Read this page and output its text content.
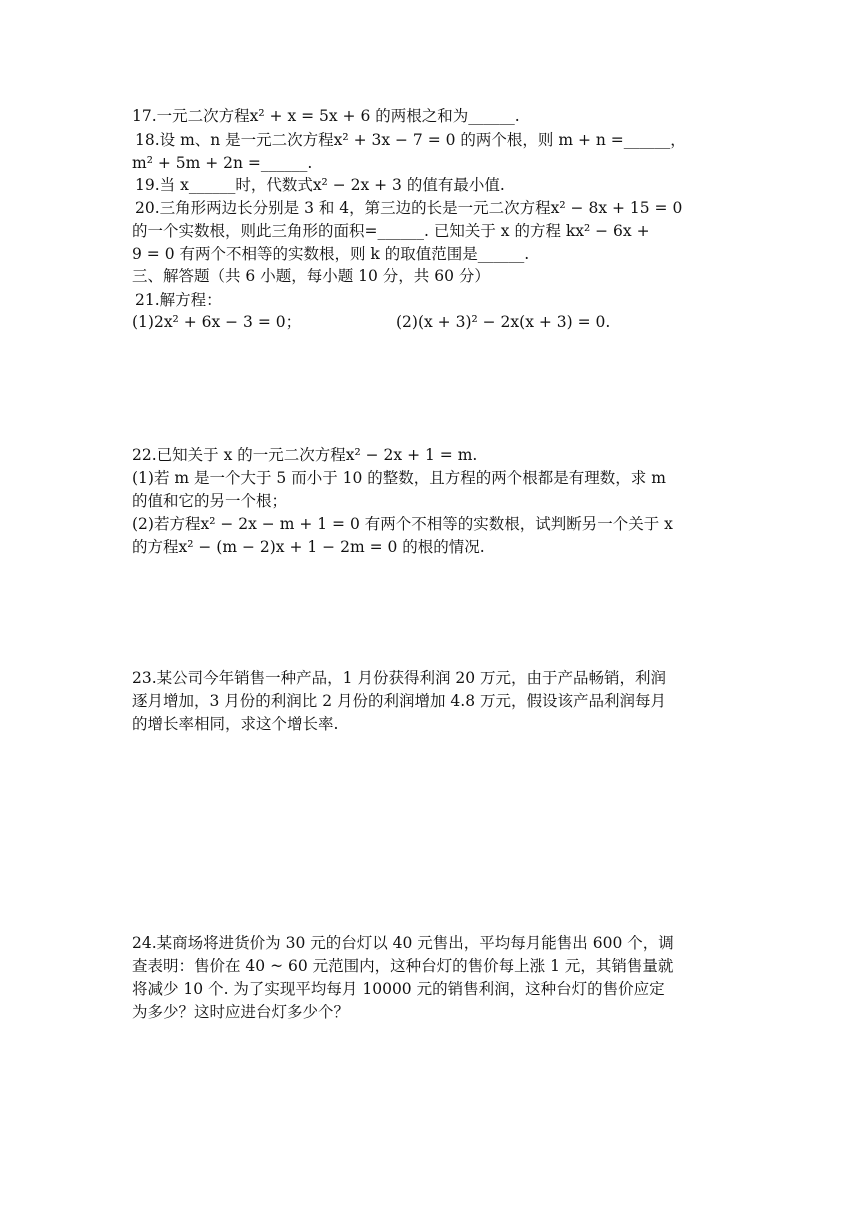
17.一元二次方程x² + x = 5x + 6 的两根之和为______.
18.设 m、n 是一元二次方程x² + 3x − 7 = 0 的两个根，则 m + n =______，
m² + 5m + 2n =______.
19.当 x______时，代数式x² − 2x + 3 的值有最小值.
20.三角形两边长分别是 3 和 4，第三边的长是一元二次方程x² − 8x + 15 = 0
的一个实数根，则此三角形的面积=______. 已知关于 x 的方程 kx² − 6x +
9 = 0 有两个不相等的实数根，则 k 的取值范围是______.
三、解答题（共 6 小题，每小题 10 分，共 60 分）
21.解方程：
(1)2x² + 6x − 3 = 0；	(2)(x + 3)² − 2x(x + 3) = 0.
22.已知关于 x 的一元二次方程x² − 2x + 1 = m.
(1)若 m 是一个大于 5 而小于 10 的整数，且方程的两个根都是有理数，求 m
的值和它的另一个根；
(2)若方程x² − 2x − m + 1 = 0 有两个不相等的实数根，试判断另一个关于 x
的方程x² − (m − 2)x + 1 − 2m = 0 的根的情况.
23.某公司今年销售一种产品，1 月份获得利润 20 万元，由于产品畅销，利润
逐月增加，3 月份的利润比 2 月份的利润增加 4.8 万元，假设该产品利润每月
的增长率相同，求这个增长率.
24.某商场将进货价为 30 元的台灯以 40 元售出，平均每月能售出 600 个，调
查表明：售价在 40 ~ 60 元范围内，这种台灯的售价每上涨 1 元，其销售量就
将减少 10 个. 为了实现平均每月 10000 元的销售利润，这种台灯的售价应定
为多少？这时应进台灯多少个？
